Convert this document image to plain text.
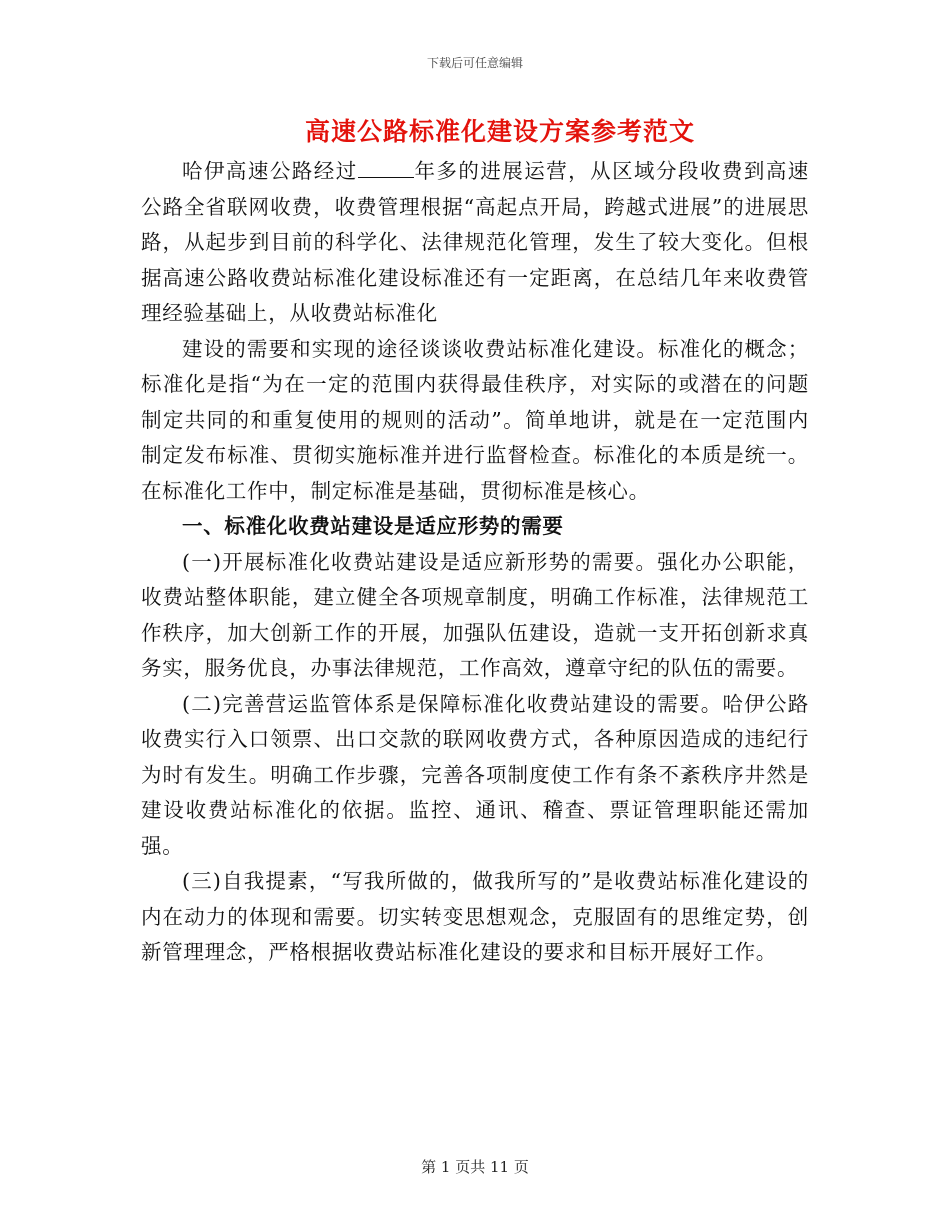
下载后可任意编辑
高速公路标准化建设方案参考范文

哈伊高速公路经过	年多的进展运营，从区域分段收费到高速公路全省联网收费，收费管理根据“高起点开局，跨越式进展”的进展思路，从起步到目前的科学化、法律规范化管理，发生了较大变化。但根据高速公路收费站标准化建设标准还有一定距离，在总结几年来收费管理经验基础上，从收费站标准化

建设的需要和实现的途径谈谈收费站标准化建设。标准化的概念；标准化是指“为在一定的范围内获得最佳秩序，对实际的或潜在的问题制定共同的和重复使用的规则的活动”。简单地讲，就是在一定范围内制定发布标准、贯彻实施标准并进行监督检查。标准化的本质是统一。在标准化工作中，制定标准是基础，贯彻标准是核心。

一、标准化收费站建设是适应形势的需要

(一)开展标准化收费站建设是适应新形势的需要。强化办公职能，收费站整体职能，建立健全各项规章制度，明确工作标准，法律规范工作秩序，加大创新工作的开展，加强队伍建设，造就一支开拓创新求真务实，服务优良，办事法律规范，工作高效，遵章守纪的队伍的需要。

(二)完善营运监管体系是保障标准化收费站建设的需要。哈伊公路收费实行入口领票、出口交款的联网收费方式，各种原因造成的违纪行为时有发生。明确工作步骤，完善各项制度使工作有条不紊秩序井然是建设收费站标准化的依据。监控、通讯、稽查、票证管理职能还需加强。

(三)自我提素，“写我所做的，做我所写的”是收费站标准化建设的内在动力的体现和需要。切实转变思想观念，克服固有的思维定势，创新管理理念，严格根据收费站标准化建设的要求和目标开展好工作。

第 1 页共 11 页
